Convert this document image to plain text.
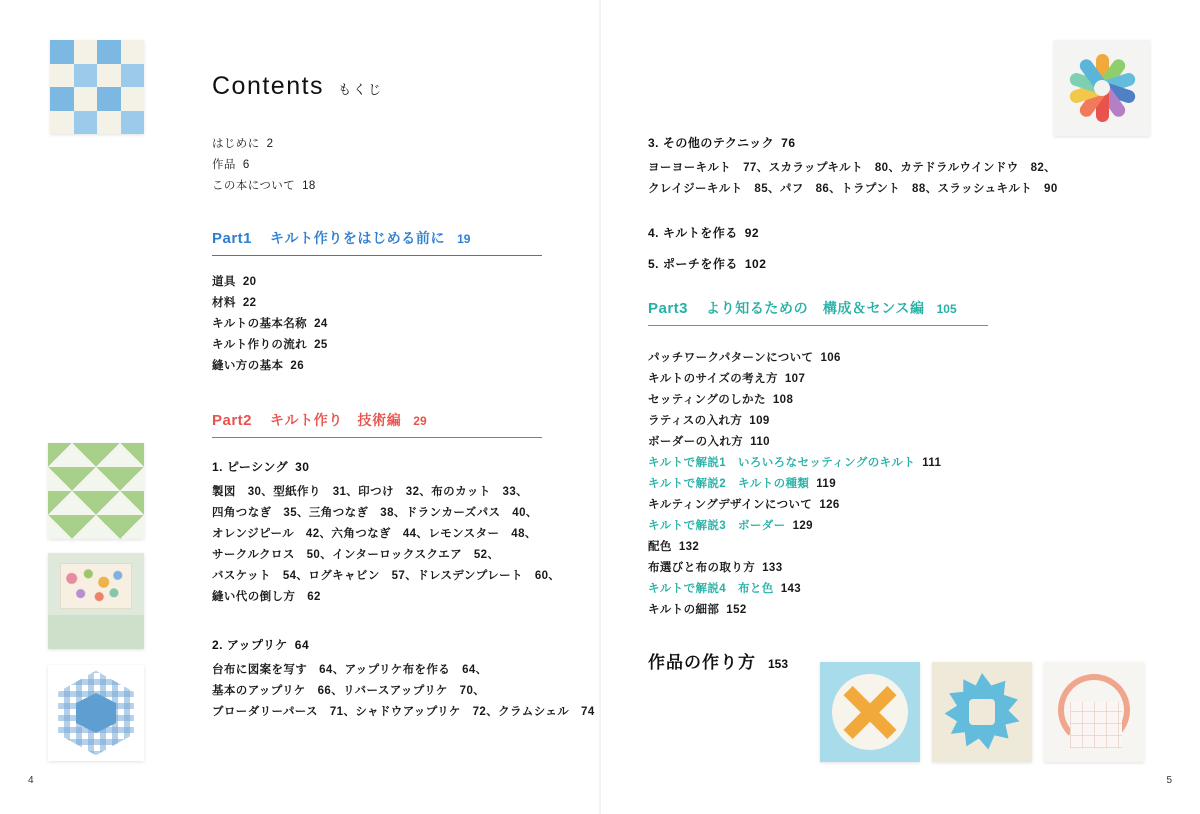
Contents もくじ
はじめに 2
作品 6
この本について 18
Part1 キルト作りをはじめる前に 19
道具 20
材料 22
キルトの基本名称 24
キルト作りの流れ 25
縫い方の基本 26
Part2 キルト作り　技術編 29
1. ピーシング 30
製図　30、型紙作り　31、印つけ　32、布のカット　33、
四角つなぎ　35、三角つなぎ　38、ドランカーズパス　40、
オレンジピール　42、六角つなぎ　44、レモンスター　48、
サークルクロス　50、インターロックスクエア　52、
バスケット　54、ログキャビン　57、ドレスデンプレート　60、
縫い代の倒し方　62
2. アップリケ 64
台布に図案を写す　64、アップリケ布を作る　64、
基本のアップリケ　66、リバースアップリケ　70、
ブローダリーパース　71、シャドウアップリケ　72、クラムシェル　74
3. その他のテクニック 76
ヨーヨーキルト　77、スカラップキルト　80、カテドラルウインドウ　82、
クレイジーキルト　85、パフ　86、トラプント　88、スラッシュキルト　90
4. キルトを作る 92
5. ポーチを作る 102
Part3 より知るための　構成＆センス編 105
パッチワークパターンについて 106
キルトのサイズの考え方 107
セッティングのしかた 108
ラティスの入れ方 109
ボーダーの入れ方 110
キルトで解説1　いろいろなセッティングのキルト 111
キルトで解説2　キルトの種類 119
キルティングデザインについて 126
キルトで解説3　ボーダー 129
配色 132
布選びと布の取り方 133
キルトで解説4　布と色 143
キルトの細部 152
作品の作り方 153
4	5
